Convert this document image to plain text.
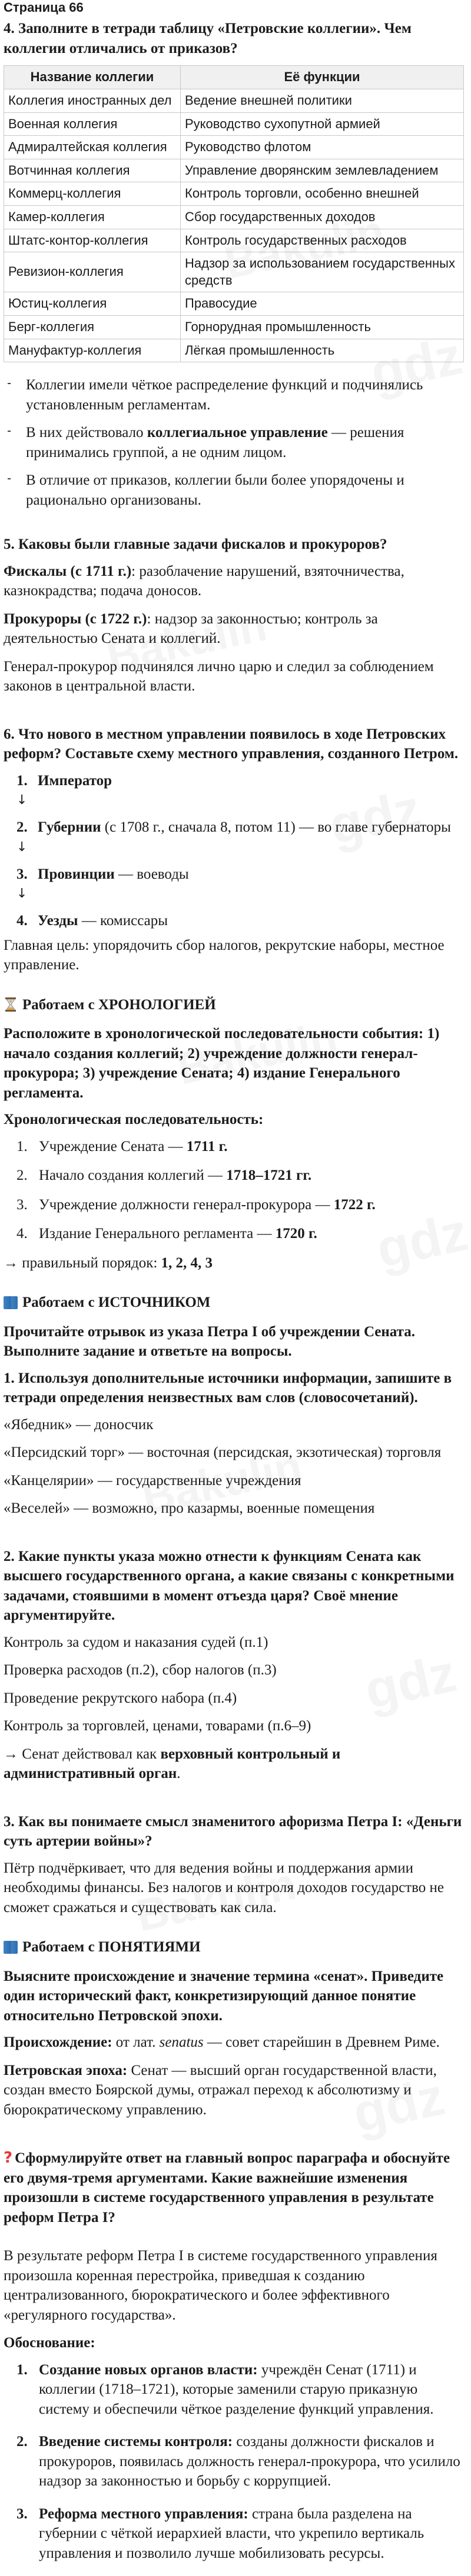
Страница 66
4. Заполните в тетради таблицу «Петровские коллегии». Чем коллегии отличались от приказов?
Название коллегии	Её функции
Коллегия иностранных дел	Ведение внешней политики
Военная коллегия	Руководство сухопутной армией
Адмиралтейская коллегия	Руководство флотом
Вотчинная коллегия	Управление дворянским землевладением
Коммерц-коллегия	Контроль торговли, особенно внешней
Камер-коллегия	Сбор государственных доходов
Штатс-контор-коллегия	Контроль государственных расходов
Ревизион-коллегия	Надзор за использованием государственных средств
Юстиц-коллегия	Правосудие
Берг-коллегия	Горнорудная промышленность
Мануфактур-коллегия	Лёгкая промышленность
- Коллегии имели чёткое распределение функций и подчинялись установленным регламентам.
- В них действовало коллегиальное управление — решения принимались группой, а не одним лицом.
- В отличие от приказов, коллегии были более упорядочены и рационально организованы.
5. Каковы были главные задачи фискалов и прокуроров?

Фискалы (с 1711 г.): разоблачение нарушений, взяточничества, казнокрадства; подача доносов.

Прокуроры (с 1722 г.): надзор за законностью; контроль за деятельностью Сената и коллегий.

Генерал-прокурор подчинялся лично царю и следил за соблюдением законов в центральной власти.

6. Что нового в местном управлении появилось в ходе Петровских реформ? Составьте схему местного управления, созданного Петром.
1. Император
↓
2. Губернии (с 1708 г., сначала 8, потом 11) — во главе губернаторы
↓
3. Провинции — воеводы
↓
4. Уезды — комиссары

Главная цель: упорядочить сбор налогов, рекрутские наборы, местное управление.

Работаем с ХРОНОЛОГИЕЙ

Расположите в хронологической последовательности события: 1) начало создания коллегий; 2) учреждение должности генерал-прокурора; 3) учреждение Сената; 4) издание Генерального регламента.

Хронологическая последовательность:

1. Учреждение Сената — 1711 г.
2. Начало создания коллегий — 1718–1721 гг.
3. Учреждение должности генерал-прокурора — 1722 г.
4. Издание Генерального регламента — 1720 г.

→ правильный порядок: 1, 2, 4, 3

Работаем с ИСТОЧНИКОМ

Прочитайте отрывок из указа Петра I об учреждении Сената. Выполните задание и ответьте на вопросы.

1. Используя дополнительные источники информации, запишите в тетради определения неизвестных вам слов (словосочетаний).

«Ябедник» — доносчик

«Персидский торг» — восточная (персидская, экзотическая) торговля

«Канцелярии» — государственные учреждения

«Веселей» — возможно, про казармы, военные помещения

2. Какие пункты указа можно отнести к функциям Сената как высшего государственного органа, а какие связаны с конкретными задачами, стоявшими в момент отъезда царя? Своё мнение аргументируйте.

Контроль за судом и наказания судей (п.1)

Проверка расходов (п.2), сбор налогов (п.3)

Проведение рекрутского набора (п.4)

Контроль за торговлей, ценами, товарами (п.6–9)

→ Сенат действовал как верховный контрольный и административный орган.

3. Как вы понимаете смысл знаменитого афоризма Петра I: «Деньги суть артерии войны»?

Пётр подчёркивает, что для ведения войны и поддержания армии необходимы финансы. Без налогов и контроля доходов государство не сможет сражаться и существовать как сила.

Работаем с ПОНЯТИЯМИ

Выясните происхождение и значение термина «сенат». Приведите один исторический факт, конкретизирующий данное понятие относительно Петровской эпохи.

Происхождение: от лат. senatus — совет старейшин в Древнем Риме.

Петровская эпоха: Сенат — высший орган государственной власти, создан вместо Боярской думы, отражал переход к абсолютизму и бюрократическому управлению.

? Сформулируйте ответ на главный вопрос параграфа и обоснуйте его двумя-тремя аргументами. Какие важнейшие изменения произошли в системе государственного управления в результате реформ Петра I?

В результате реформ Петра I в системе государственного управления произошла коренная перестройка, приведшая к созданию централизованного, бюрократического и более эффективного «регулярного государства».

Обоснование:

1. Создание новых органов власти: учреждён Сенат (1711) и коллегии (1718–1721), которые заменили старую приказную систему и обеспечили чёткое разделение функций управления.
2. Введение системы контроля: созданы должности фискалов и прокуроров, появилась должность генерал-прокурора, что усилило надзор за законностью и борьбу с коррупцией.
3. Реформа местного управления: страна была разделена на губернии с чёткой иерархией власти, что укрепило вертикаль управления и позволило лучше мобилизовать ресурсы.
